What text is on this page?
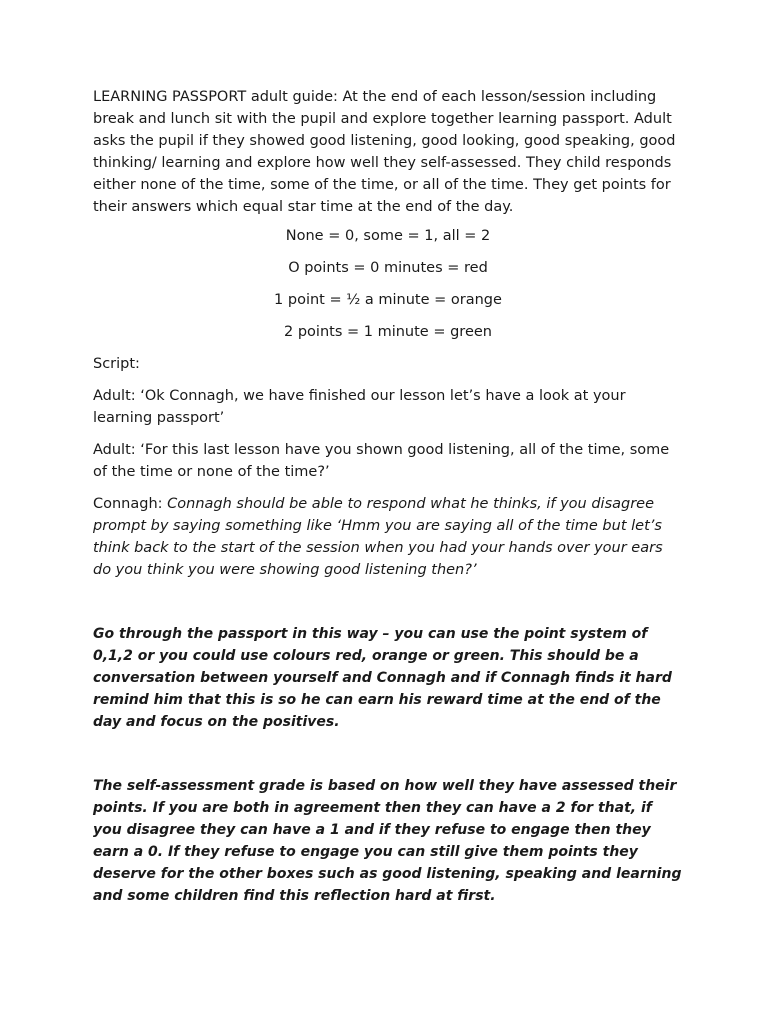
LEARNING PASSPORT adult guide: At the end of each lesson/session including break and lunch sit with the pupil and explore together learning passport. Adult asks the pupil if they showed good listening, good looking, good speaking, good thinking/ learning and explore how well they self-assessed. They child responds either none of the time, some of the time, or all of the time. They get points for their answers which equal star time at the end of the day.

None = 0, some = 1, all = 2

O points = 0 minutes = red

1 point = ½ a minute = orange

2 points = 1 minute = green

Script:

Adult: ‘Ok Connagh, we have finished our lesson let’s have a look at your learning passport’

Adult: ‘For this last lesson have you shown good listening, all of the time, some of the time or none of the time?’

Connagh: Connagh should be able to respond what he thinks, if you disagree prompt by saying something like ‘Hmm you are saying all of the time but let’s think back to the start of the session when you had your hands over your ears do you think you were showing good listening then?’

Go through the passport in this way – you can use the point system of 0,1,2 or you could use colours red, orange or green. This should be a conversation between yourself and Connagh and if Connagh finds it hard remind him that this is so he can earn his reward time at the end of the day and focus on the positives.

The self-assessment grade is based on how well they have assessed their points. If you are both in agreement then they can have a 2 for that, if you disagree they can have a 1 and if they refuse to engage then they earn a 0. If they refuse to engage you can still give them points they deserve for the other boxes such as good listening, speaking and learning and some children find this reflection hard at first.
